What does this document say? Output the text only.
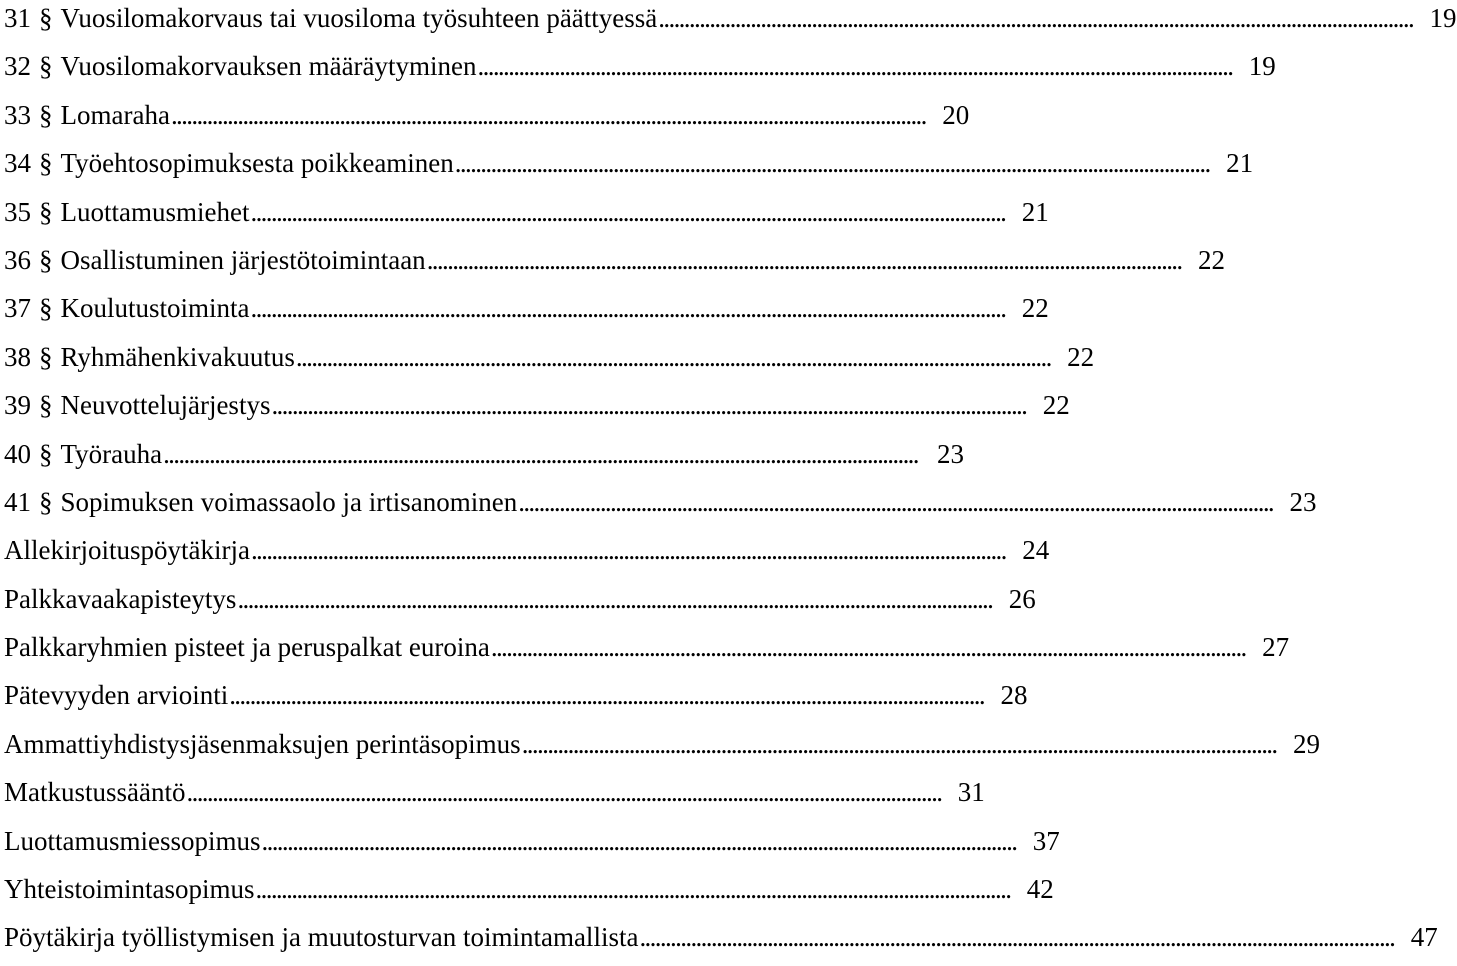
31 § Vuosilomakorvaus tai vuosiloma työsuhteen päättyessä . . .	19
32 § Vuosilomakorvauksen määräytyminen . . .	19
33 § Lomaraha . . .	20
34 § Työehtosopimuksesta poikkeaminen . . .	21
35 § Luottamusmiehet . . .	21
36 § Osallistuminen järjestötoimintaan . . .	22
37 § Koulutustoiminta . . .	22
38 § Ryhmähenkivakuutus . . .	22
39 § Neuvottelujärjestys . . .	22
40 § Työrauha . . .	23
41 § Sopimuksen voimassaolo ja irtisanominen . . .	23
Allekirjoituspöytäkirja . . .	24
Palkkavaakapisteytys . . .	26
Palkkaryhmien pisteet ja peruspalkat euroina . . .	27
Pätevyyden arviointi . . .	28
Ammattiyhdistysjäsenmaksujen perintäsopimus . . .	29
Matkustussääntö . . .	31
Luottamusmiessopimus . . .	37
Yhteistoimintasopimus . . .	42
Pöytäkirja työllistymisen ja muutosturvan toimintamallista . . .	47
